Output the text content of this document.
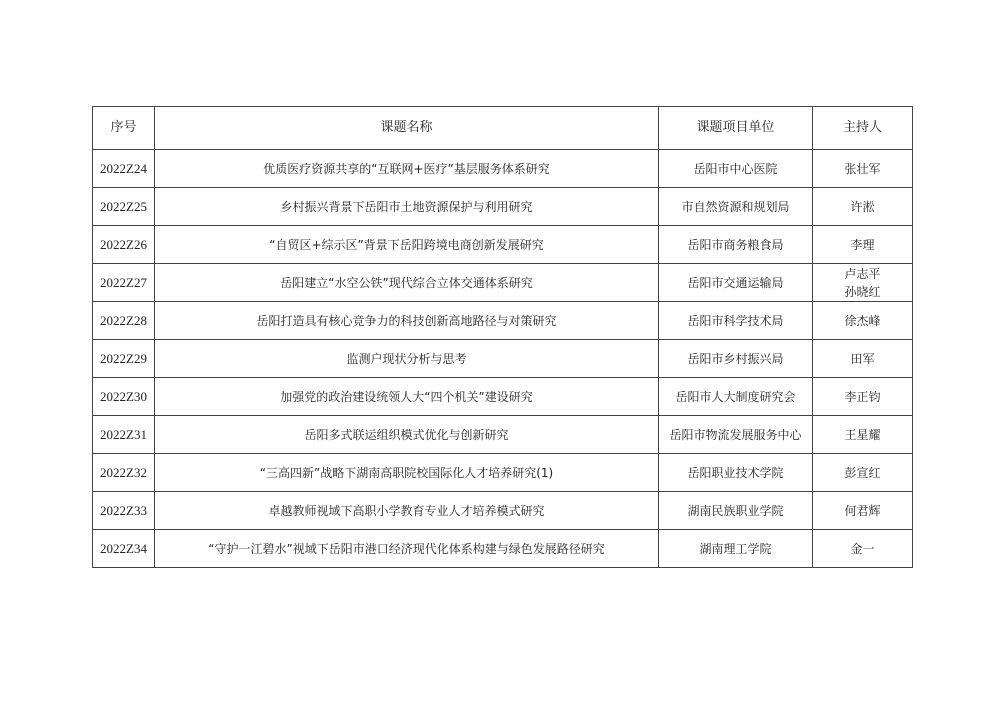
序号	课题名称	课题项目单位	主持人
2022Z24	优质医疗资源共享的“互联网+医疗”基层服务体系研究	岳阳市中心医院	张壮军

2022Z25	乡村振兴背景下岳阳市土地资源保护与利用研究	市自然资源和规划局	许淞

2022Z26	“自贸区+综示区”背景下岳阳跨境电商创新发展研究	岳阳市商务粮食局	李理

2022Z27	岳阳建立“水空公铁”现代综合立体交通体系研究	岳阳市交通运输局	卢志平
孙晓红

2022Z28	岳阳打造具有核心竞争力的科技创新高地路径与对策研究	岳阳市科学技术局	徐杰峰

2022Z29	监测户现状分析与思考	岳阳市乡村振兴局	田军

2022Z30	加强党的政治建设统领人大“四个机关”建设研究	岳阳市人大制度研究会	李正钧

2022Z31	岳阳多式联运组织模式优化与创新研究	岳阳市物流发展服务中心	王星耀

2022Z32	“三高四新”战略下湖南高职院校国际化人才培养研究(1)	岳阳职业技术学院	彭宣红

2022Z33	卓越教师视域下高职小学教育专业人才培养模式研究	湖南民族职业学院	何君辉

2022Z34	“守护一江碧水”视域下岳阳市港口经济现代化体系构建与绿色发展路径研究	湖南理工学院	金一
